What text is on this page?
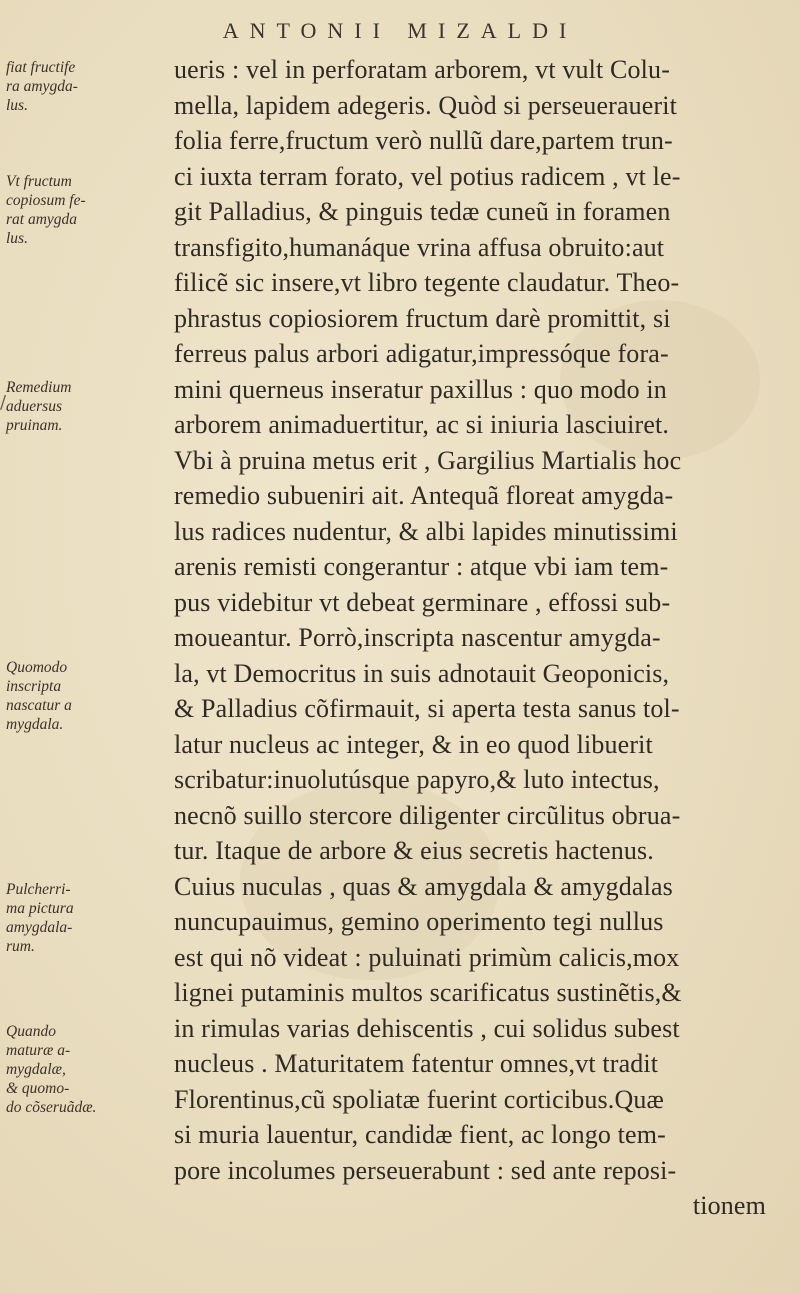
ANTONII MIZALDI
/
fiat fructife
ra amygda-
lus.
Vt fructum
copiosum fe-
rat amygda
lus.
Remedium
aduersus
pruinam.
Quomodo
inscripta
nascatur a
mygdala.
Pulcherri-
ma pictura
amygdala-
rum.
Quando
maturæ a-
mygdalæ,
& quomo-
do cõseruãdæ.
ueris : vel in perforatam arborem, vt vult Colu-
mella, lapidem adegeris. Quòd si perseuerauerit
folia ferre,fructum verò nullũ dare,partem trun-
ci iuxta terram forato, vel potius radicem , vt le-
git Palladius, & pinguis tedæ cuneũ in foramen
transfigito,humanáque vrina affusa obruito:aut
filicẽ sic insere,vt libro tegente claudatur. Theo-
phrastus copiosiorem fructum darè promittit, si
ferreus palus arbori adigatur,impressóque fora-
mini querneus inseratur paxillus : quo modo in
arborem animaduertitur, ac si iniuria lasciuiret.
Vbi à pruina metus erit , Gargilius Martialis hoc
remedio subueniri ait. Antequã floreat amygda-
lus radices nudentur, & albi lapides minutissimi
arenis remisti congerantur : atque vbi iam tem-
pus videbitur vt debeat germinare , effossi sub-
moueantur. Porrò,inscripta nascentur amygda-
la, vt Democritus in suis adnotauit Geoponicis,
& Palladius cõfirmauit, si aperta testa sanus tol-
latur nucleus ac integer, & in eo quod libuerit
scribatur:inuolutúsque papyro,& luto intectus,
necnõ suillo stercore diligenter circũlitus obrua-
tur. Itaque de arbore & eius secretis hactenus.
Cuius nuculas , quas & amygdala & amygdalas
nuncupauimus, gemino operimento tegi nullus
est qui nõ videat : puluinati primùm calicis,mox
lignei putaminis multos scarificatus sustinẽtis,&
in rimulas varias dehiscentis , cui solidus subest
nucleus . Maturitatem fatentur omnes,vt tradit
Florentinus,cũ spoliatæ fuerint corticibus.Quæ
si muria lauentur, candidæ fient, ac longo tem-
pore incolumes perseuerabunt : sed ante reposi-
tionem
